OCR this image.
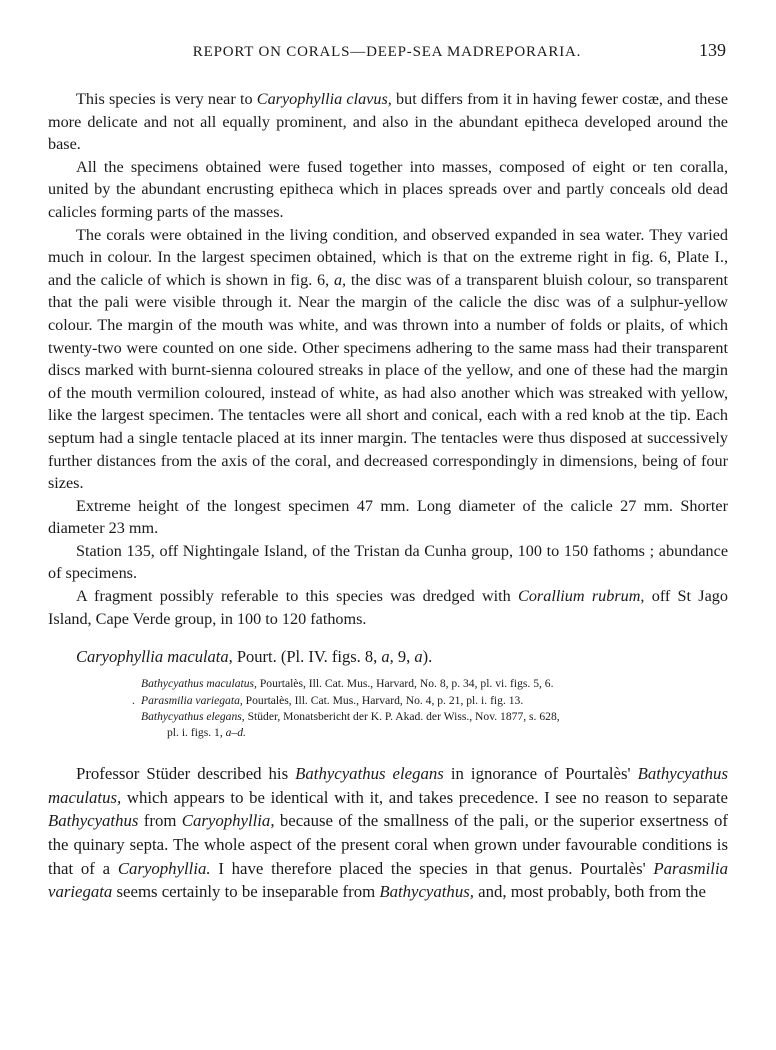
REPORT ON CORALS—DEEP-SEA MADREPORARIA.	139

This species is very near to Caryophyllia clavus, but differs from it in having fewer costæ, and these more delicate and not all equally prominent, and also in the abundant epitheca developed around the base.

All the specimens obtained were fused together into masses, composed of eight or ten coralla, united by the abundant encrusting epitheca which in places spreads over and partly conceals old dead calicles forming parts of the masses.

The corals were obtained in the living condition, and observed expanded in sea water. They varied much in colour. In the largest specimen obtained, which is that on the extreme right in fig. 6, Plate I., and the calicle of which is shown in fig. 6, a, the disc was of a transparent bluish colour, so transparent that the pali were visible through it. Near the margin of the calicle the disc was of a sulphur-yellow colour. The margin of the mouth was white, and was thrown into a number of folds or plaits, of which twenty-two were counted on one side. Other specimens adhering to the same mass had their transparent discs marked with burnt-sienna coloured streaks in place of the yellow, and one of these had the margin of the mouth vermilion coloured, instead of white, as had also another which was streaked with yellow, like the largest specimen. The tentacles were all short and conical, each with a red knob at the tip. Each septum had a single tentacle placed at its inner margin. The tentacles were thus disposed at successively further distances from the axis of the coral, and decreased correspondingly in dimensions, being of four sizes.

Extreme height of the longest specimen 47 mm. Long diameter of the calicle 27 mm. Shorter diameter 23 mm.

Station 135, off Nightingale Island, of the Tristan da Cunha group, 100 to 150 fathoms ; abundance of specimens.

A fragment possibly referable to this species was dredged with Corallium rubrum, off St Jago Island, Cape Verde group, in 100 to 120 fathoms.

Caryophyllia maculata, Pourt. (Pl. IV. figs. 8, a, 9, a).
Bathycyathus maculatus, Pourtalès, Ill. Cat. Mus., Harvard, No. 8, p. 34, pl. vi. figs. 5, 6.
. Parasmilia variegata, Pourtalès, Ill. Cat. Mus., Harvard, No. 4, p. 21, pl. i. fig. 13.
Bathycyathus elegans, Stüder, Monatsbericht der K. P. Akad. der Wiss., Nov. 1877, s. 628,
pl. i. figs. 1, a–d.

Professor Stüder described his Bathycyathus elegans in ignorance of Pourtalès' Bathycyathus maculatus, which appears to be identical with it, and takes precedence. I see no reason to separate Bathycyathus from Caryophyllia, because of the smallness of the pali, or the superior exsertness of the quinary septa. The whole aspect of the present coral when grown under favourable conditions is that of a Caryophyllia. I have therefore placed the species in that genus. Pourtalès' Parasmilia variegata seems certainly to be inseparable from Bathycyathus, and, most probably, both from the
